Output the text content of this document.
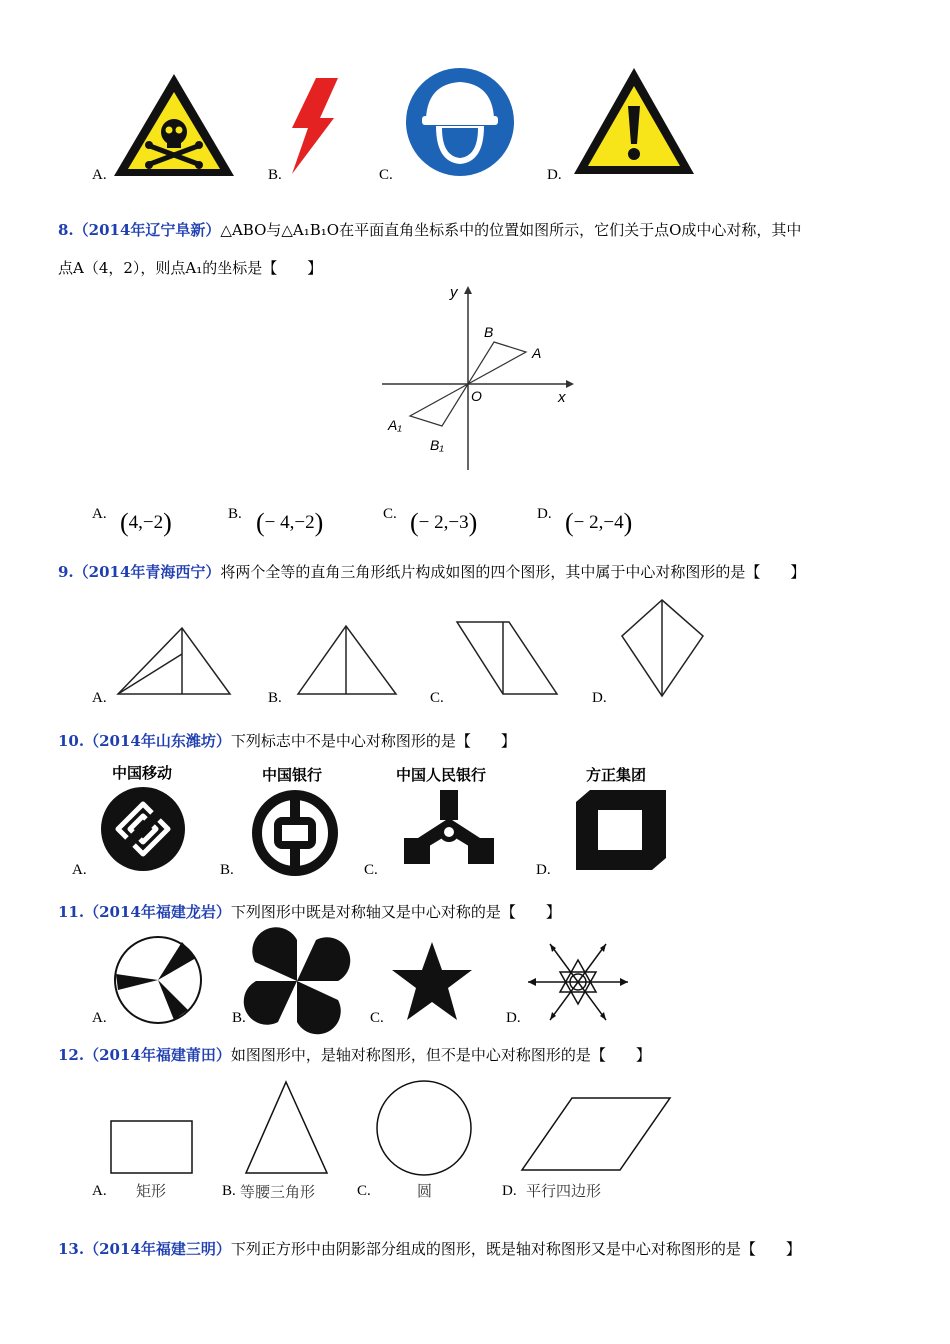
A.	B.	C.	D.
8.（2014年辽宁阜新）△ABO与△A₁B₁O在平面直角坐标系中的位置如图所示，它们关于点O成中心对称，其中
点A（4，2），则点A₁的坐标是【　　】
y
x
O
A
B
A₁
B₁
A. (4,−2)	B. (− 4,−2)	C. (− 2,−3)	D. (− 2,−4)
9.（2014年青海西宁）将两个全等的直角三角形纸片构成如图的四个图形，其中属于中心对称图形的是【　　】
A.	B.	C.	D.
10.（2014年山东潍坊）下列标志中不是中心对称图形的是【　　】
中国移动
A.
中国银行
B.
中国人民银行
C.
方正集团
D.
11.（2014年福建龙岩）下列图形中既是对称轴又是中心对称的是【　　】
A.	B.	C.	D.
12.（2014年福建莆田）如图图形中，是轴对称图形，但不是中心对称图形的是【　　】
A. 矩形	B. 等腰三角形	C.	圆	D. 平行四边形
13.（2014年福建三明）下列正方形中由阴影部分组成的图形，既是轴对称图形又是中心对称图形的是【　　】
